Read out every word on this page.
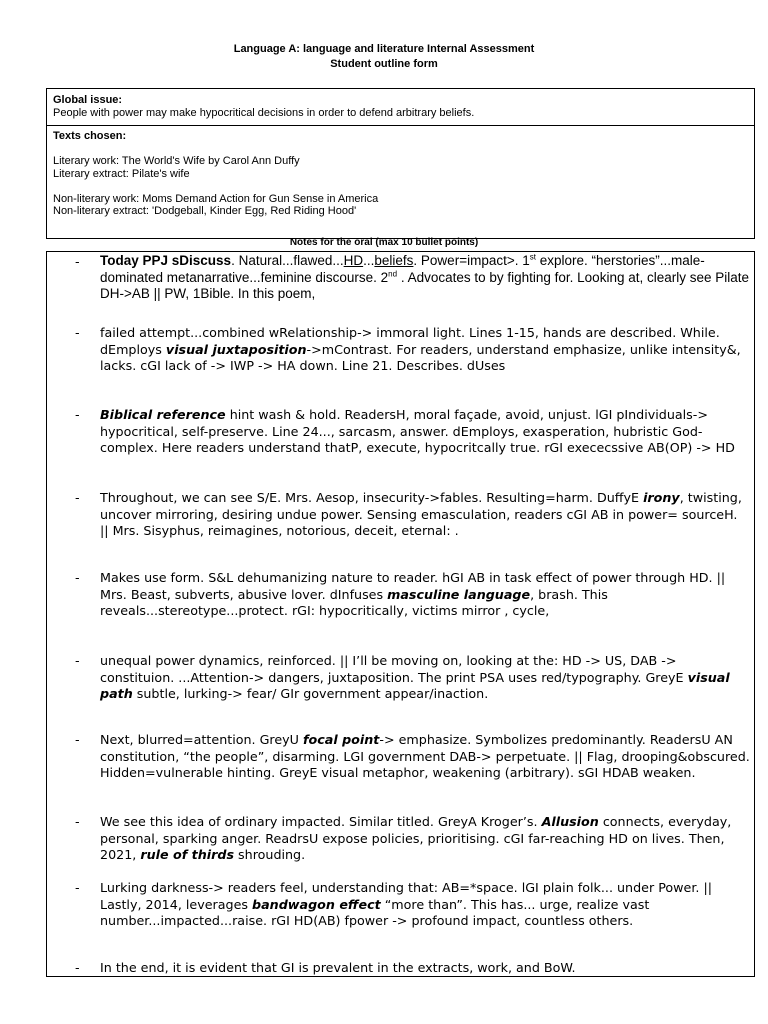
Language A: language and literature Internal Assessment
Student outline form
Global issue:
People with power may make hypocritical decisions in order to defend arbitrary beliefs.
Texts chosen:
Literary work: The World's Wife by Carol Ann Duffy
Literary extract: Pilate's wife
Non-literary work: Moms Demand Action for Gun Sense in America
Non-literary extract: 'Dodgeball, Kinder Egg, Red Riding Hood'
Notes for the oral (max 10 bullet points)
- Today PPJ sDiscuss. Natural...flawed...HD...beliefs. Power=impact>. 1st explore. “herstories”...male-dominated metanarrative...feminine discourse. 2nd . Advocates to by fighting for. Looking at, clearly see Pilate DH->AB || PW, 1Bible. In this poem,
- failed attempt...combined wRelationship-> immoral light. Lines 1-15, hands are described. While. dEmploys visual juxtaposition->mContrast. For readers, understand emphasize, unlike intensity&, lacks. cGI lack of -> IWP -> HA down. Line 21. Describes. dUses
- Biblical reference hint wash & hold. ReadersH, moral façade, avoid, unjust. lGI pIndividuals-> hypocritical, self-preserve. Line 24..., sarcasm, answer. dEmploys, exasperation, hubristic God-complex. Here readers understand thatP, execute, hypocritcally true. rGI exececssive AB(OP) -> HD
- Throughout, we can see S/E. Mrs. Aesop, insecurity->fables. Resulting=harm. DuffyE irony, twisting, uncover mirroring, desiring undue power. Sensing emasculation, readers cGI AB in power= sourceH. || Mrs. Sisyphus, reimagines, notorious, deceit, eternal: .
- Makes use form. S&L dehumanizing nature to reader. hGI AB in task effect of power through HD. || Mrs. Beast, subverts, abusive lover. dInfuses masculine language, brash. This reveals...stereotype...protect. rGI: hypocritically, victims mirror , cycle,
- unequal power dynamics, reinforced. || I’ll be moving on, looking at the: HD -> US, DAB -> constituion. ...Attention-> dangers, juxtaposition. The print PSA uses red/typography. GreyE visual path subtle, lurking-> fear/ GIr government appear/inaction.
- Next, blurred=attention. GreyU focal point-> emphasize. Symbolizes predominantly. ReadersU AN constitution, “the people”, disarming. LGI government DAB-> perpetuate. || Flag, drooping&obscured. Hidden=vulnerable hinting. GreyE visual metaphor, weakening (arbitrary). sGI HDAB weaken.
- We see this idea of ordinary impacted. Similar titled. GreyA Kroger’s. Allusion connects, everyday, personal, sparking anger. ReadrsU expose policies, prioritising. cGI far-reaching HD on lives. Then, 2021, rule of thirds shrouding.
- Lurking darkness-> readers feel, understanding that: AB=*space. lGI plain folk... under Power. || Lastly, 2014, leverages bandwagon effect “more than”. This has... urge, realize vast number...impacted...raise. rGI HD(AB) fpower -> profound impact, countless others.
- In the end, it is evident that GI is prevalent in the extracts, work, and BoW.
